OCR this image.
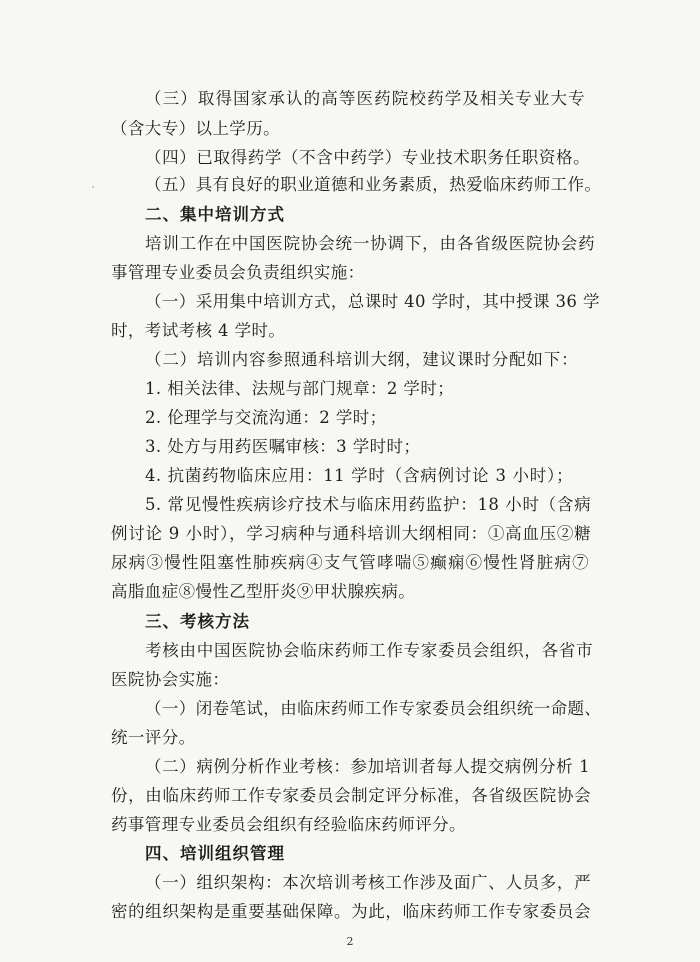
（三）取得国家承认的高等医药院校药学及相关专业大专
（含大专）以上学历。
（四）已取得药学（不含中药学）专业技术职务任职资格。
（五）具有良好的职业道德和业务素质，热爱临床药师工作。
二、集中培训方式
培训工作在中国医院协会统一协调下，由各省级医院协会药
事管理专业委员会负责组织实施：
（一）采用集中培训方式，总课时 40 学时，其中授课 36 学
时，考试考核 4 学时。
（二）培训内容参照通科培训大纲，建议课时分配如下：
1. 相关法律、法规与部门规章：2 学时；
2. 伦理学与交流沟通：2 学时；
3. 处方与用药医嘱审核：3 学时时；
4. 抗菌药物临床应用：11 学时（含病例讨论 3 小时）；
5. 常见慢性疾病诊疗技术与临床用药监护：18 小时（含病
例讨论 9 小时），学习病种与通科培训大纲相同：①高血压②糖
尿病③慢性阻塞性肺疾病④支气管哮喘⑤癫痫⑥慢性肾脏病⑦
高脂血症⑧慢性乙型肝炎⑨甲状腺疾病。
三、考核方法
考核由中国医院协会临床药师工作专家委员会组织，各省市
医院协会实施：
（一）闭卷笔试，由临床药师工作专家委员会组织统一命题、
统一评分。
（二）病例分析作业考核：参加培训者每人提交病例分析 1
份，由临床药师工作专家委员会制定评分标准，各省级医院协会
药事管理专业委员会组织有经验临床药师评分。
四、培训组织管理
（一）组织架构：本次培训考核工作涉及面广、人员多，严
密的组织架构是重要基础保障。为此，临床药师工作专家委员会
2
